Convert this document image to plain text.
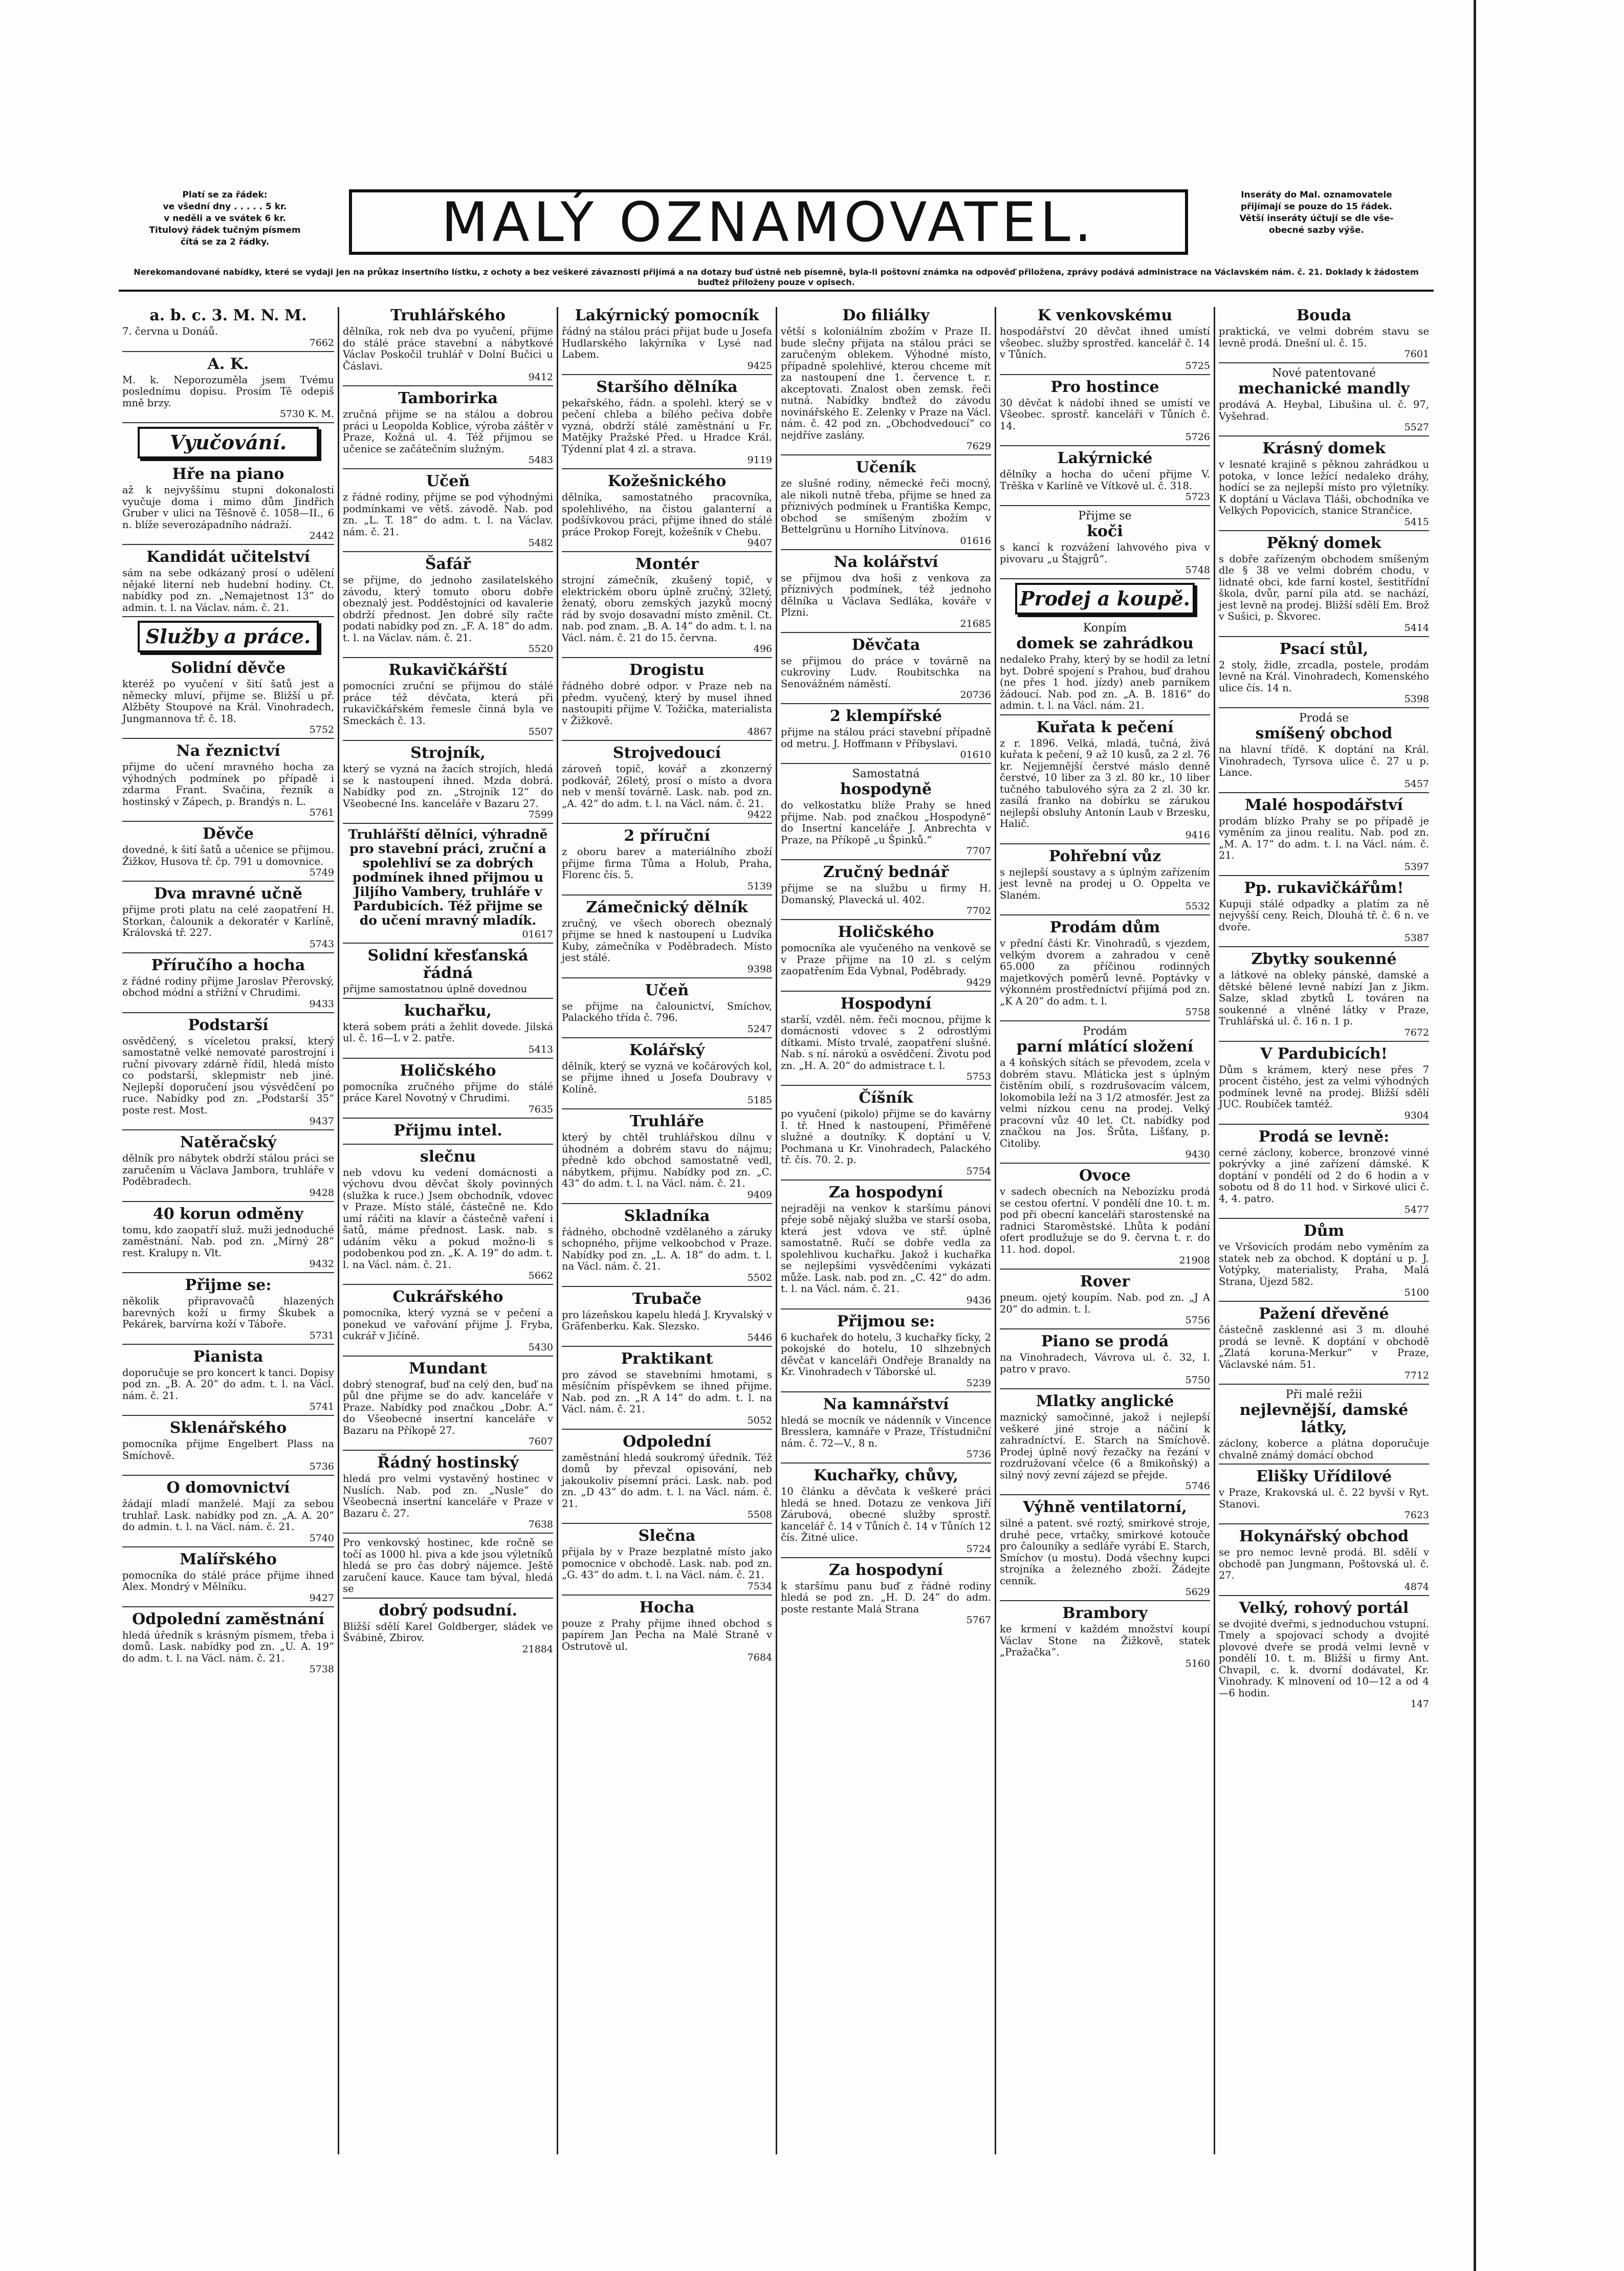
Platí se za řádek:
ve všední dny . . . . . 5 kr.
v neděli a ve svátek 6 kr.
Titulový řádek tučným písmem
čítá se za 2 řádky.	MALÝ OZNAMOVATEL.	Inseráty do Mal. oznamovatele
přijímají se pouze do 15 řádek.
Větší inseráty účtují se dle vše-
obecné sazby výše.
Nerekomandované nabídky, které se vydaji jen na průkaz insertního lístku, z ochoty a bez veškeré závaznosti přijímá a na dotazy buď ústně neb písemně, byla-li poštovní známka na odpověď přiložena, zprávy podává administrace na Václavském nám. č. 21. Doklady k žádostem buďtež přiloženy pouze v opisech.
a. b. c. 3. M. N. M.
7. června u Donáů.
7662
A. K.
M. k. Neporozuměla jsem Tvému poslednímu dopisu. Prosím Tě odepiš mně brzy.
5730 K. M.
Vyučování.
Hře na piano
až k nejvyššímu stupni dokonalosti vyučuje doma i mimo dům Jindřich Gruber v ulici na Těšnově č. 1058—II., 6 n. blíže severozápadního nádraží.
2442
Kandidát učitelství
sám na sebe odkázaný prosí o udělení nějaké literní neb hudební hodiny. Ct. nabídky pod zn. „Nemajetnost 13“ do admin. t. l. na Václav. nám. č. 21.
Služby a práce.
Solidní děvče
kteréž po vyučení v šití šatů jest a německy mluví, přijme se. Bližší u př. Alžběty Stoupové na Král. Vinohradech, Jungmannova tř. č. 18.
5752
Na řeznictví
přijme do učení mravného hocha za výhodných podmínek po případě i zdarma Frant. Svačina, řezník a hostinský v Zápech, p. Brandýs n. L.
5761
Děvče
dovedné, k šití šatů a učenice se přijmou. Žižkov, Husova tř. čp. 791 u domovnice.
5749
Dva mravné učně
přijme proti platu na celé zaopatření H. Storkan, čalounik a dekoratér v Karlíně, Královská tř. 227.
5743
Příručího a hocha
z řádné rodiny přijme Jaroslav Přerovský, obchod módní a střižní v Chrudimi.
9433
Podstarší
osvědčený, s víceletou praksí, který samostatně velké nemovaté parostrojní i ruční pivovary zdárně řídil, hledá místo co podstarší, sklepmistr neb jiné. Nejlepší doporučení jsou výsvědčení po ruce. Nabídky pod zn. „Podstarší 35“ poste rest. Most.
9437
Natěračský
dělník pro nábytek obdrží stálou práci se zaručením u Václava Jambora, truhláře v Poděbradech.
9428
40 korun odměny
tomu, kdo zaopatří služ. muži jednoduché zaměstnání. Nab. pod zn. „Mírný 28“ rest. Kralupy n. Vlt.
9432
Přijme se:
několik připravovačů hlazených barevných koží u firmy Škubek a Pekárek, barvírna koží v Táboře.
5731
Pianista
doporučuje se pro koncert k tanci. Dopisy pod zn. „B. A. 20“ do adm. t. l. na Václ. nám. č. 21.
5741
Sklenářského
pomocníka přijme Engelbert Plass na Smíchově.
5736
O domovnictví
žádají mladí manželé. Mají za sebou truhlař. Lask. nabídky pod zn. „A. A. 20“ do admin. t. l. na Václ. nám. č. 21.
5740
Malířského
pomocníka do stálé práce přijme ihned Alex. Mondrý v Mělníku.
9427
Odpolední zaměstnání
hledá úředník s krásným písmem, třeba i domů. Lask. nabídky pod zn. „U. A. 19“ do adm. t. l. na Václ. nám. č. 21.
5738
Truhlářského
dělníka, rok neb dva po vyučení, přijme do stálé práce stavební a nábytkové Václav Poskočil truhlář v Dolní Bučici u Čáslavi.
9412
Tamborirka
zručná přijme se na stálou a dobrou práci u Leopolda Koblice, výroba záštěr v Praze, Kožná ul. 4. Též přijmou se učenice se začátečním služným.
5483
Učeň
z řádné rodiny, přijme se pod výhodnými podmínkami ve větš. závodě. Nab. pod zn. „L. T. 18“ do adm. t. l. na Václav. nám. č. 21.
5482
Šafář
se přijme, do jednoho zasilatelského závodu, který tomuto oboru dobře obeznalý jest. Podděstojníci od kavalerie obdrží přednost. Jen dobré síly račte podati nabídky pod zn. „F. A. 18“ do adm. t. l. na Václav. nám. č. 21.
5520
Rukavičkářští
pomocníci zruční se přijmou do stálé práce též dévčata, která při rukavičkářském řemesle činná byla ve Smeckách č. 13.
5507
Strojník,
který se vyzná na žacích strojích, hledá se k nastoupení ihned. Mzda dobrá. Nabídky pod zn. „Strojník 12“ do Všeobecné Ins. kanceláře v Bazaru 27.
7599
Truhlářští dělníci, výhradně pro stavební práci, zruční a spolehliví se za dobrých podmínek ihned přijmou u Jiljího Vambery, truhláře v Pardubicích. Též přijme se do učení mravný mladík.
01617
Solidní křesťanská řádná
přijme samostatnou úplně dovednou
kuchařku,
která sobem práti a žehlit dovede. Jilská ul. č. 16—L v 2. patře.
5413
Holičského
pomocníka zručného přijme do stálé práce Karel Novotný v Chrudimi.
7635
Přijmu intel.
slečnu
neb vdovu ku vedení domácnosti a výchovu dvou děvčat školy povinných (služka k ruce.) Jsem obchodník, vdovec v Praze. Místo stálé, částečně ne. Kdo umí ráčiti na klavír a částečně vaření i šatů, máme přednost. Lask. nab. s udáním věku a pokud možno-li s podobenkou pod zn. „K. A. 19“ do adm. t. l. na Václ. nám. č. 21.
5662
Cukrářského
pomocníka, který vyzná se v pečení a ponekud ve vařování přijme J. Fryba, cukrář v Jičíně.
5430
Mundant
dobrý stenograf, buď na celý den, buď na půl dne přijme se do adv. kanceláře v Praze. Nabídky pod značkou „Dobr. A.“ do Všeobecné insertní kanceláře v Bazaru na Příkopě 27.
7607
Řádný hostinský
hledá pro velmi vystavěný hostinec v Nuslích. Nab. pod zn. „Nusle“ do Všeobecná insertní kanceláře v Praze v Bazaru č. 27.
7638
Pro venkovský hostinec, kde ročně se točí as 1000 hl. piva a kde jsou výletníků hledá se pro čas dobrý nájemce. Ještě zaručení kauce. Kauce tam býval, hledá se
dobrý podsudní.
Bližší sdělí Karel Goldberger, sládek ve Švábině, Zbirov.
21884
Lakýrnický pomocník
řádný na stálou práci přijat bude u Josefa Hudlarského lakýrníka v Lysé nad Labem.
9425
Staršího dělníka
pekařského, řádn. a spolehl. který se v pečení chleba a bílého pečiva dobře vyzná, obdrží stálé zaměstnání u Fr. Matějky Pražské Před. u Hradce Král. Týdenní plat 4 zl. a strava.
9119
Kožešnického
dělníka, samostatného pracovníka, spolehlivého, na čistou galanterní a podšívkovou práci, přijme ihned do stálé práce Prokop Forejt, kožešník v Chebu.
9407
Montér
strojní zámečník, zkušený topič, v elektrickém oboru úplně zručný, 32letý, ženatý, oboru zemských jazyků mocný rád by svojo dosavadní místo změnil. Ct. nab. pod znam. „B. A. 14“ do adm. t. l. na Václ. nám. č. 21 do 15. června.
496
Drogistu
řádného dobré odpor. v Praze neb na předm. vyučený, který by musel ihned nastoupiti přijme V. Tožička, materialista v Žižkově.
4867
Strojvedoucí
zároveň topič, kovář a zkonzerný podkovář, 26letý, prosí o místo a dvora neb v menší továrně. Lask. nab. pod zn. „A. 42“ do adm. t. l. na Václ. nám. č. 21.
9422
2 příruční
z oboru barev a materiálního zboží přijme firma Tůma a Holub, Praha, Florenc čís. 5.
5139
Zámečnický dělník
zručný, ve všech oborech obeznalý přijme se hned k nastoupení u Ludvíka Kuby, zámečníka v Poděbradech. Místo jest stálé.
9398
Učeň
se přijme na čalounictví, Smíchov, Palackého třída č. 796.
5247
Kolářský
dělník, který se vyzná ve kočárových kol, se přijme ihned u Josefa Doubravy v Kolíně.
5185
Truhláře
který by chtěl truhlářskou dílnu v úhodném a dobrém stavu do nájmu; předně kdo obchod samostatně vedl, nábytkem, přijmu. Nabídky pod zn. „C. 43“ do adm. t. l. na Václ. nám. č. 21.
9409
Skladníka
řádného, obchodně vzdělaného a záruky schopného, přijme velkoobchod v Praze. Nabídky pod zn. „L. A. 18“ do adm. t. l. na Václ. nám. č. 21.
5502
Trubače
pro lázeňskou kapelu hledá J. Kryvalský v Gräfenberku. Kak. Slezsko.
5446
Praktikant
pro závod se stavebními hmotami, s měsíčním příspěvkem se ihned přijme. Nab. pod zn. „R A 14“ do adm. t. l. na Václ. nám. č. 21.
5052
Odpolední
zaměstnání hledá soukromý úředník. Též domů by převzal opisování, neb jakoukoliv písemní práci. Lask. nab. pod zn. „D 43“ do adm. t. l. na Václ. nám. č. 21.
5508
Slečna
přijala by v Praze bezplatně místo jako pomocnice v obchodě. Lask. nab. pod zn. „G. 43“ do adm. t. l. na Václ. nám. č. 21.
7534
Hocha
pouze z Prahy přijme ihned obchod s papírem Jan Pecha na Malé Straně v Ostrutově ul.
7684
Do filiálky
větší s koloniálním zbožím v Praze II. bude slečny přijata na stálou práci se zaručeným oblekem. Výhodné místo, případně spolehlivé, kterou chceme mít za nastoupení dne 1. července t. r. akceptovati. Znalost oben zemsk. řeči nutná. Nabídky bnďtež do závodu novinářského E. Zelenky v Praze na Václ. nám. č. 42 pod zn. „Obchodvedoucí“ co nejdříve zaslány.
7629
Učeník
ze slušné rodiny, německé řeči mocný, ale nikoli nutně třeba, přijme se hned za příznivých podmínek u Františka Kempc, obchod se smíšeným zbožím v Bettelgrünu u Horního Litvínova.
01616
Na kolářství
se přijmou dva hoši z venkova za příznivých podmínek, též jednoho dělníka u Václava Sedláka, kováře v Plzni.
21685
Děvčata
se přijmou do práce v továrně na cukroviny Ludv. Roubitschka na Senovážném náměstí.
20736
2 klempířské
přijme na stálou práci stavební případně od metru. J. Hoffmann v Příbyslavi.
01610
Samostatná
hospodyně
do velkostatku blíže Prahy se hned přijme. Nab. pod značkou „Hospodyně“ do Insertní kanceláře J. Anbrechta v Praze, na Příkopě „u Špinků.“
7707
Zručný bednář
přijme se na službu u firmy H. Domanský, Plavecká ul. 402.
7702
Holičského
pomocníka ale vyučeného na venkově se v Praze přijme na 10 zl. s celým zaopatřením Eda Vybnal, Poděbrady.
9429
Hospodyní
starší, vzděl. něm. řeči mocnou, přijme k domácnosti vdovec s 2 odrostlými dítkami. Místo trvalé, zaopatření slušné. Nab. s ní. nárokú a osvědčení. Životu pod zn. „H. A. 20“ do admistrace t. l.
5753
Číšník
po vyučení (pikolo) přijme se do kavárny I. tř. Hned k nastoupení, Přiměřené služné a doutníky. K doptání u V. Pochmana u Kr. Vinohradech, Palackého tř. čís. 70. 2. p.
5754
Za hospodyní
nejraději na venkov k staršímu pánovi přeje sobě nějaký služba ve starší osoba, která jest vdova ve stř. úplně samostatně. Ručí se dobře vedla za spolehlivou kuchařku. Jakož i kuchařka se nejlepšími vysvědčeními vykázati může. Lask. nab. pod zn. „C. 42“ do adm. t. l. na Václ. nám. č. 21.
9436
Přijmou se:
6 kuchařek do hotelu, 3 kuchařky fícky, 2 pokojské do hotelu, 10 slhzebných děvčat v kanceláři Ondřeje Branaldy na Kr. Vinohradech v Táborské ul.
5239
Na kamnářství
hledá se mocník ve nádenník v Vincence Bresslera, kamnáře v Praze, Třístudniční nám. č. 72—V., 8 n.
5736
Kuchařky, chůvy,
10 článku a děvčata k veškeré práci hledá se hned. Dotazu ze venkova Jiří Zárubová, obecné služby sprostř. kancelář č. 14 v Tůních č. 14 v Tůních 12 čís. Žitné ulice.
5724
Za hospodyní
k staršímu panu buď z řádné rodiny hledá se pod zn. „H. D. 24“ do adm. poste restante Malá Strana
5767
K venkovskému
hospodářství 20 děvčat ihned umístí všeobec. služby sprostřed. kancelář č. 14 v Tůních.
5725
Pro hostince
30 děvčat k nádobí ihned se umístí ve Všeobec. sprostř. kanceláři v Tůních č. 14.
5726
Lakýrnické
dělníky a hocha do učení přijme V. Trěška v Karlíně ve Vítkově ul. č. 318.
5723
Přijme se
koči
s kancí k rozvážení lahvového piva v pivovaru „u Štajgrů“.
5748
Prodej a koupě.
Konpím
domek se zahrádkou
nedaleko Prahy, který by se hodil za letní byt. Dobré spojení s Prahou, buď drahou (ne přes 1 hod. jízdy) aneb parníkem žádoucí. Nab. pod zn. „A. B. 1816“ do admin. t. l. na Václ. nám. 21.
Kuřata k pečení
z r. 1896. Velká, mladá, tučná, živá kuřata k pečení, 9 až 10 kusů, za 2 zl. 76 kr. Nejjemnější čerstvé máslo denně čerstvé, 10 liber za 3 zl. 80 kr., 10 liber tučného tabulového sýra za 2 zl. 30 kr. zasílá franko na dobírku se zárukou nejlepší obsluhy Antonín Laub v Brzesku, Halič.
9416
Pohřební vůz
s nejlepší soustavy a s úplným zařízením jest levně na prodej u O. Oppelta ve Slaném.
5532
Prodám dům
v přední části Kr. Vinohradů, s vjezdem, velkým dvorem a zahradou v ceně 65.000 za příčinou rodinných majetkových poměrů levně. Poptávky v výkonném prostředníctví přijímá pod zn. „K A 20“ do adm. t. l.
5758
Prodám
parní mlátící složení
a 4 koňských sítách se převodem, zcela v dobrém stavu. Mláticka jest s úplným čistěním obilí, s rozdrušovacím válcem, lokomobila leží na 3 1/2 atmosfér. Jest za velmi nízkou cenu na prodej. Velký pracovní vůz 40 let. Ct. nabídky pod značkou na Jos. Šrůta, Lišťany, p. Citoliby.
9430
Ovoce
v sadech obecních na Nebozízku prodá se cestou ofertní. V pondělí dne 10. t. m. pod při obecní kanceláři starostenské na radnici Staroměstské. Lhůta k podání ofert prodlužuje se do 9. června t. r. do 11. hod. dopol.
21908
Rover
pneum. ojetý koupím. Nab. pod zn. „J A 20“ do admin. t. l.
5756
Piano se prodá
na Vinohradech, Vávrova ul. č. 32, I. patro v pravo.
5750
Mlatky anglické
maznický samočinné, jakož i nejlepší veškeré jiné stroje a náčiní k zahradníctví. E. Starch na Smíchově. Prodej úplně nový řezačky na řezání v rozdružovaní včelce (6 a 8mikoňský) a silný nový zevní zájezd se přejde.
5746
Výhně ventilatorní,
silné a patent. své roztý, smirkové stroje, druhé pece, vrtačky, smirkové kotouče pro čalouníky a sedláře vyrábí E. Starch, Smíchov (u mostu). Dodá všechny kupci strojníka a železného zboží. Žádejte cenník.
5629
Brambory
ke krmení v každém množství koupí Václav Stone na Žižkově, statek „Pražačka“.
5160
Bouda
praktická, ve velmi dobrém stavu se levně prodá. Dnešní ul. č. 15.
7601
Nové patentované
mechanické mandly
prodává A. Heybal, Libušina ul. č. 97, Vyšehrad.
5527
Krásný domek
v lesnaté krajině s pěknou zahrádkou u potoka, v lonce ležící nedaleko dráhy, hodící se za nejlepší místo pro výletníky. K doptání u Václava Tláši, obchodníka ve Velkých Popovicích, stanice Strančice.
5415
Pěkný domek
s dobře zařízeným obchodem smíšeným dle § 38 ve velmi dobrém chodu, v lidnaté obci, kde farní kostel, šestitřídní škola, dvůr, parní pila atd. se nachází, jest levně na prodej. Bližší sdělí Em. Brož v Sušici, p. Škvorec.
5414
Psací stůl,
2 stoly, židle, zrcadla, postele, prodám levně na Král. Vinohradech, Komenského ulice čís. 14 n.
5398
Prodá se
smíšený obchod
na hlavní třídě. K doptání na Král. Vinohradech, Tyrsova ulice č. 27 u p. Lance.
5457
Malé hospodářství
prodám blízko Prahy se po případě je vyměním za jinou realitu. Nab. pod zn. „M. A. 17“ do adm. t. l. na Václ. nám. č. 21.
5397
Pp. rukavičkářům!
Kupuji stálé odpadky a platím za ně nejvyšší ceny. Reich, Dlouhá tř. č. 6 n. ve dvoře.
5387
Zbytky soukenné
a látkové na obleky pánské, damské a dětské bělené levně nabízí Jan z Jikm. Salze, sklad zbytků L továren na soukenné a vlněné látky v Praze, Truhlářská ul. č. 16 n. 1 p.
7672
V Pardubicích!
Dům s krámem, který nese přes 7 procent čistého, jest za velmi výhodných podmínek levně na prodej. Bližší sdělí JUC. Roubíček tamtéž.
9304
Prodá se levně:
cerné záclony, koberce, bronzové vinné pokrývky a jiné zařízení dámské. K doptání v pondělí od 2 do 6 hodin a v sobotu od 8 do 11 hod. v Sirkové ulici č. 4, 4. patro.
5477
Dům
ve Vršovicích prodám nebo vyměním za statek neb za obchod. K doptání u p. J. Votýpky, materialisty, Praha, Malá Strana, Újezd 582.
5100
Pažení dřevěné
částečně zasklenné asi 3 m. dlouhé prodá se levně. K doptání v obchodě „Zlatá koruna-Merkur“ v Praze, Václavské nám. 51.
7712
Při malé režii
nejlevnější, damské látky,
záclony, koberce a plátna doporučuje chvalně známý domácí obchod
Elišky Uřídilové
v Praze, Krakovská ul. č. 22 byvší v Ryt. Stanovi.
7623
Hokynářský obchod
se pro nemoc levně prodá. Bl. sdělí v obchodě pan Jungmann, Poštovská ul. č. 27.
4874
Velký, rohový portál
se dvojité dveřmi, s jednoduchou vstupní. Tmely a spojovací schody a dvojité plovové dveře se prodá velmi levně v pondělí 10. t. m. Bližší u firmy Ant. Chvapil, c. k. dvorní dodávatel, Kr. Vinohrady. K mlnovení od 10—12 a od 4—6 hodin.
147
